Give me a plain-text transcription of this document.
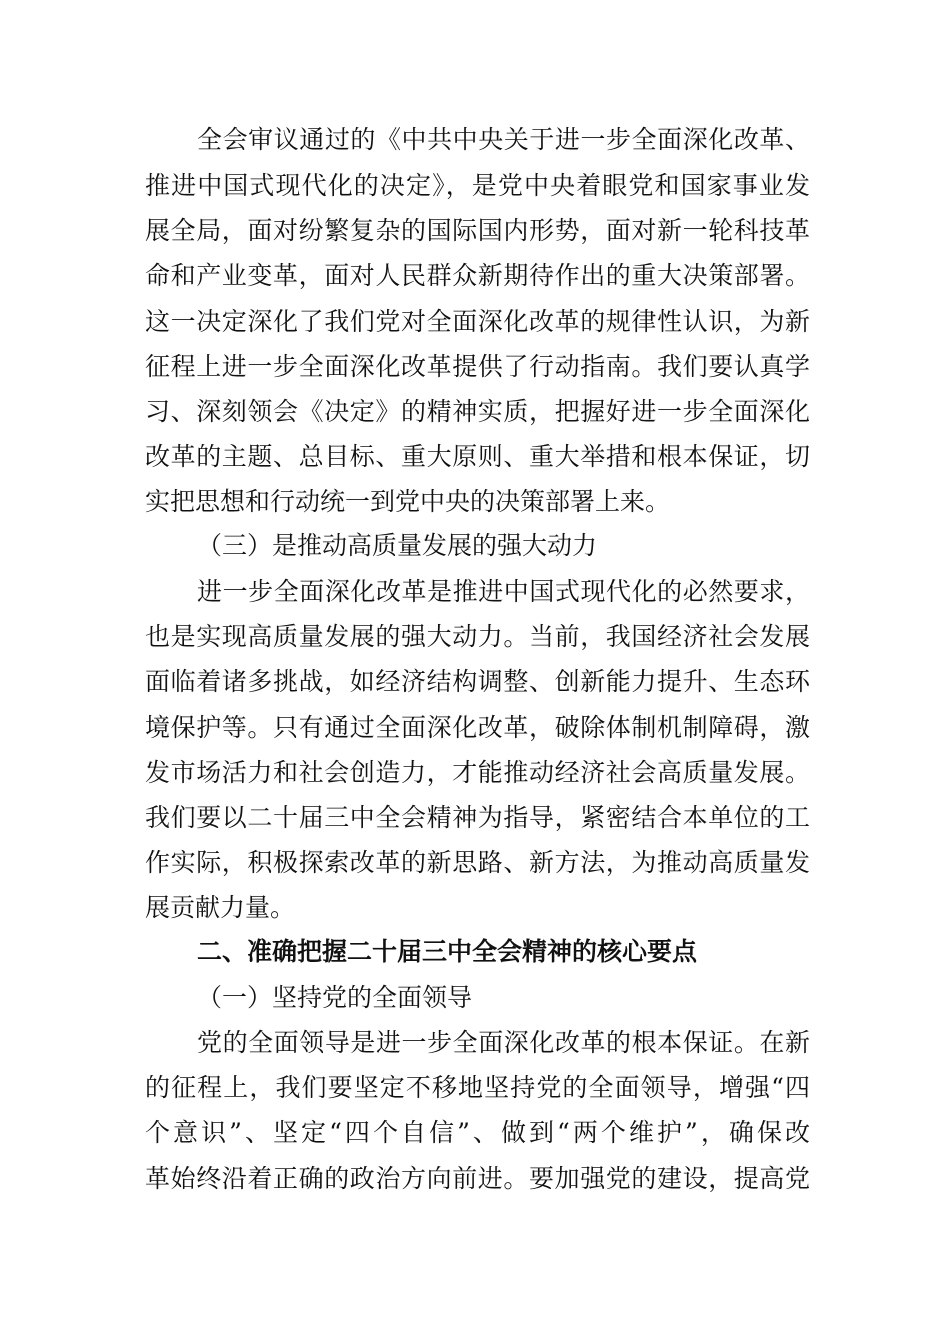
全会审议通过的《中共中央关于进一步全面深化改革、
推进中国式现代化的决定》，是党中央着眼党和国家事业发
展全局，面对纷繁复杂的国际国内形势，面对新一轮科技革
命和产业变革，面对人民群众新期待作出的重大决策部署。
这一决定深化了我们党对全面深化改革的规律性认识，为新
征程上进一步全面深化改革提供了行动指南。我们要认真学
习、深刻领会《决定》的精神实质，把握好进一步全面深化
改革的主题、总目标、重大原则、重大举措和根本保证，切
实把思想和行动统一到党中央的决策部署上来。
（三）是推动高质量发展的强大动力
进一步全面深化改革是推进中国式现代化的必然要求，
也是实现高质量发展的强大动力。当前，我国经济社会发展
面临着诸多挑战，如经济结构调整、创新能力提升、生态环
境保护等。只有通过全面深化改革，破除体制机制障碍，激
发市场活力和社会创造力，才能推动经济社会高质量发展。
我们要以二十届三中全会精神为指导，紧密结合本单位的工
作实际，积极探索改革的新思路、新方法，为推动高质量发
展贡献力量。
二、准确把握二十届三中全会精神的核心要点
（一）坚持党的全面领导
党的全面领导是进一步全面深化改革的根本保证。在新
的征程上，我们要坚定不移地坚持党的全面领导，增强“四
个意识”、坚定“四个自信”、做到“两个维护”，确保改
革始终沿着正确的政治方向前进。要加强党的建设，提高党
